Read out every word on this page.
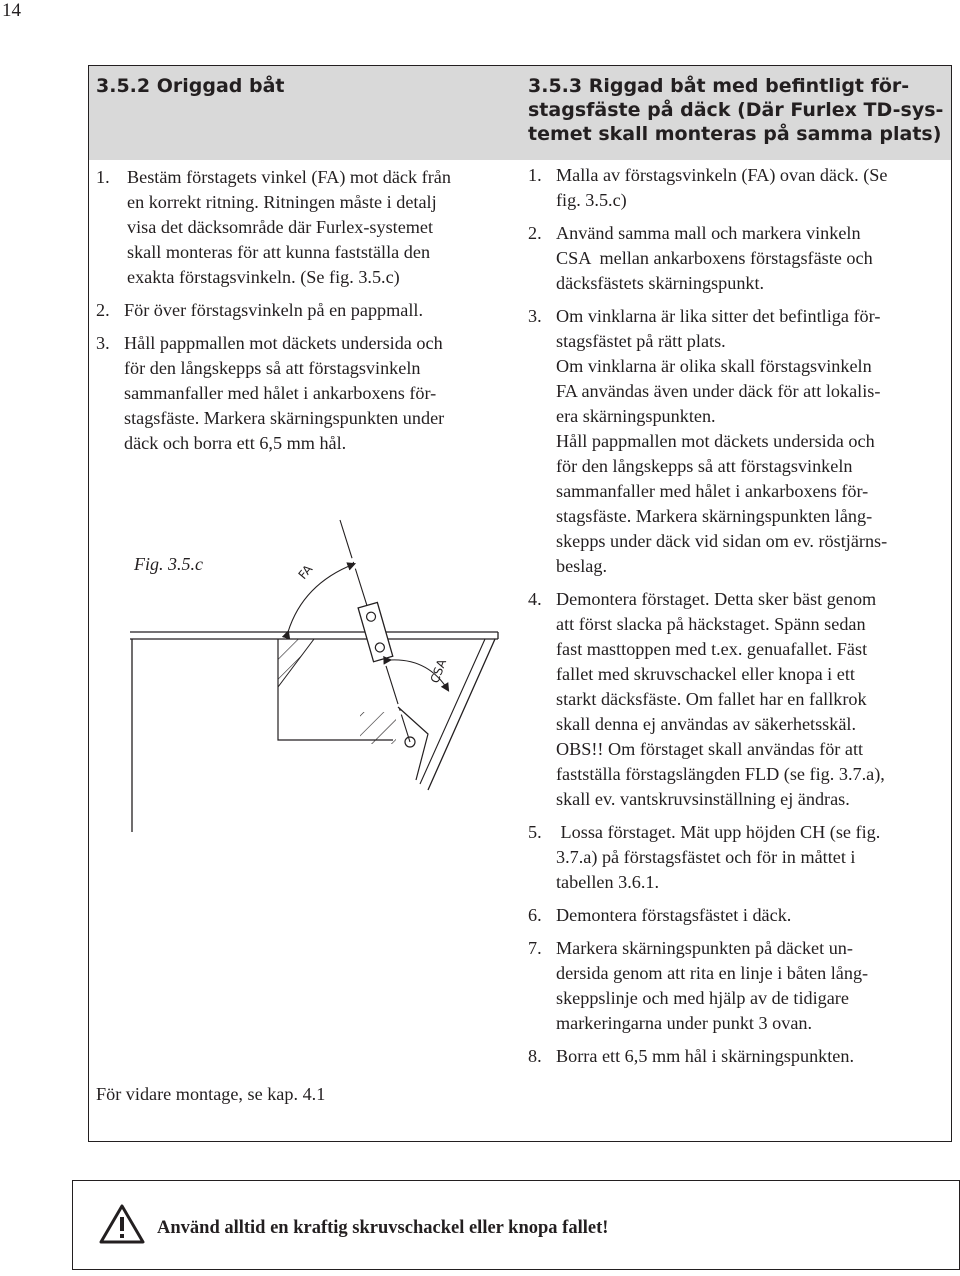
14
3.5.2 Origgad båt	3.5.3 Riggad båt med befintligt för-
stagsfäste på däck (Där Furlex TD-sys-
temet skall monteras på samma plats)
1. Bestäm förstagets vinkel (FA) mot däck från
en korrekt ritning. Ritningen måste i detalj
visa det däcksområde där Furlex-systemet
skall monteras för att kunna fastställa den
exakta förstagsvinkeln. (Se fig. 3.5.c)
2. För över förstagsvinkeln på en pappmall.
3. Håll pappmallen mot däckets undersida och
för den långskepps så att förstagsvinkeln
sammanfaller med hålet i ankarboxens för-
stagsfäste. Markera skärningspunkten under
däck och borra ett 6,5 mm hål.
Fig. 3.5.c	FA
CSA
För vidare montage, se kap. 4.1
1. Malla av förstagsvinkeln (FA) ovan däck. (Se
fig. 3.5.c)
2. Använd samma mall och markera vinkeln
CSA  mellan ankarboxens förstagsfäste och
däcksfästets skärningspunkt.
3. Om vinklarna är lika sitter det befintliga för-
stagsfästet på rätt plats.
Om vinklarna är olika skall förstagsvinkeln
FA användas även under däck för att lokalis-
era skärningspunkten.
Håll pappmallen mot däckets undersida och
för den långskepps så att förstagsvinkeln
sammanfaller med hålet i ankarboxens för-
stagsfäste. Markera skärningspunkten lång-
skepps under däck vid sidan om ev. röstjärns-
beslag.
4. Demontera förstaget. Detta sker bäst genom
att först slacka på häckstaget. Spänn sedan
fast masttoppen med t.ex. genuafallet. Fäst
fallet med skruvschackel eller knopa i ett
starkt däcksfäste. Om fallet har en fallkrok
skall denna ej användas av säkerhetsskäl.
OBS!! Om förstaget skall användas för att
fastställa förstagslängden FLD (se fig. 3.7.a),
skall ev. vantskruvsinställning ej ändras.
5. Lossa förstaget. Mät upp höjden CH (se fig.
3.7.a) på förstagsfästet och för in måttet i
tabellen 3.6.1.
6. Demontera förstagsfästet i däck.
7. Markera skärningspunkten på däcket un-
dersida genom att rita en linje i båten lång-
skeppslinje och med hjälp av de tidigare
markeringarna under punkt 3 ovan.
8. Borra ett 6,5 mm hål i skärningspunkten.
Använd alltid en kraftig skruvschackel eller knopa fallet!
